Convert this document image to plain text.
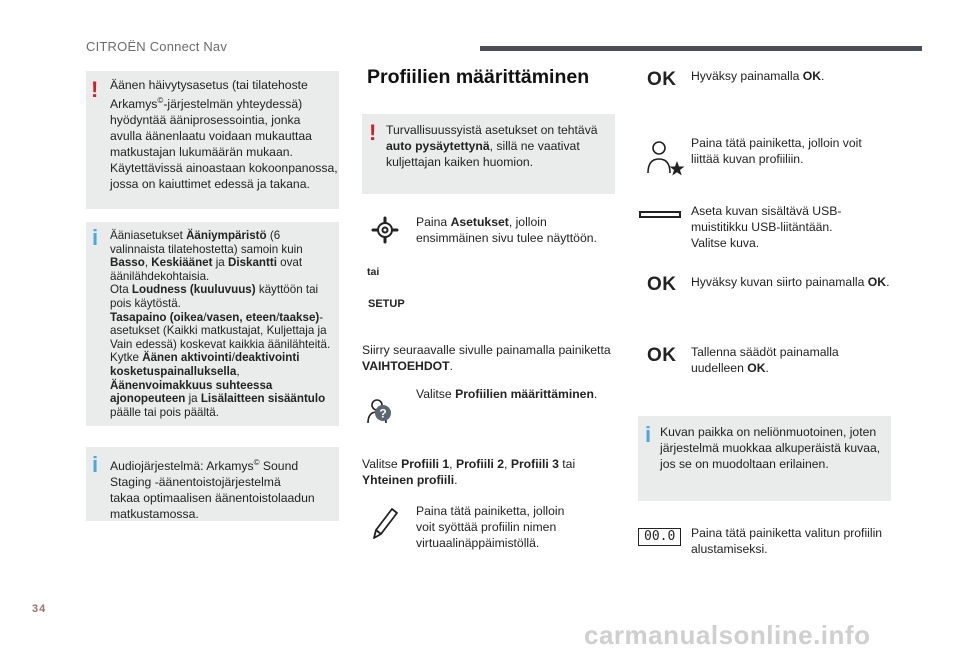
CITROËN Connect Nav
! Äänen häivytysasetus (tai tilatehoste
Arkamys©-järjestelmän yhteydessä)
hyödyntää ääniprosessointia, jonka
avulla äänenlaatu voidaan mukauttaa
matkustajan lukumäärän mukaan.
Käytettävissä ainoastaan kokoonpanossa,
jossa on kaiuttimet edessä ja takana.
i Ääniasetukset Ääniympäristö (6
valinnaista tilatehostetta) samoin kuin
Basso, Keskiäänet ja Diskantti ovat
äänilähdekohtaisia.
Ota Loudness (kuuluvuus) käyttöön tai
pois käytöstä.
Tasapaino (oikea/vasen, eteen/taakse)-
asetukset (Kaikki matkustajat, Kuljettaja ja
Vain edessä) koskevat kaikkia äänilähteitä.
Kytke Äänen aktivointi/deaktivointi
kosketuspainalluksella,
Äänenvoimakkuus suhteessa
ajonopeuteen ja Lisälaitteen sisääntulo
päälle tai pois päältä.
i Audiojärjestelmä: Arkamys© Sound
Staging -äänentoistojärjestelmä
takaa optimaalisen äänentoistolaadun
matkustamossa.
Profiilien määrittäminen
! Turvallisuussyistä asetukset on tehtävä
auto pysäytettynä, sillä ne vaativat
kuljettajan kaiken huomion.
Paina Asetukset, jolloin
ensimmäinen sivu tulee näyttöön.
tai
SETUP
Siirry seuraavalle sivulle painamalla painiketta
VAIHTOEHDOT.
?
Valitse Profiilien määrittäminen.
Valitse Profiili 1, Profiili 2, Profiili 3 tai
Yhteinen profiili.
Paina tätä painiketta, jolloin
voit syöttää profiilin nimen
virtuaalinäppäimistöllä.
OK Hyväksy painamalla OK.
Paina tätä painiketta, jolloin voit
liittää kuvan profiiliin.
Aseta kuvan sisältävä USB-
muistitikku USB-liitäntään.
Valitse kuva.
OK Hyväksy kuvan siirto painamalla OK.
OK Tallenna säädöt painamalla
uudelleen OK.
i Kuvan paikka on neliönmuotoinen, joten
järjestelmä muokkaa alkuperäistä kuvaa,
jos se on muodoltaan erilainen.
00.0	Paina tätä painiketta valitun profiilin
alustamiseksi.
34
carmanualsonline.info
